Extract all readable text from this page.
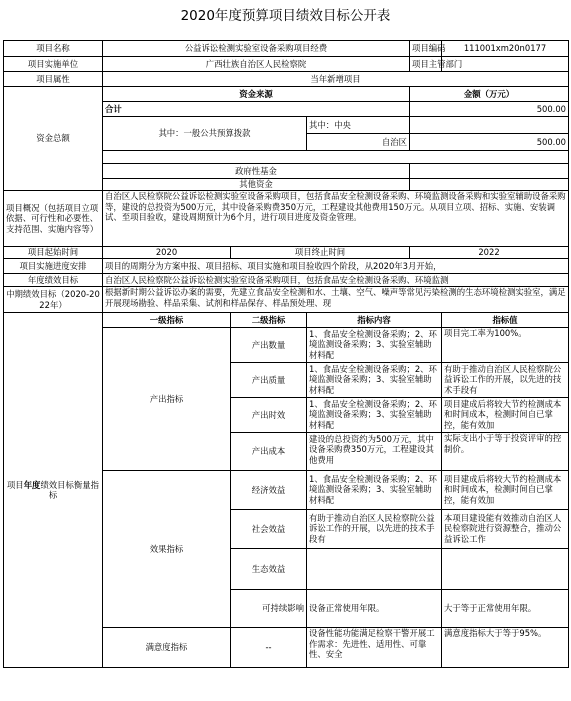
2020年度预算项目绩效目标公开表
项目名称	公益诉讼检测实验室设备采购项目经费			项目编码	111001xm20n0177
项目实施单位	广西壮族自治区人民检察院			项目主管部门	
项目属性	当年新增项目				
资金总额	资金来源			金额（万元）	
	合计			500.00	
	其中：一般公共预算拨款		其中：中央		
			自治区	500.00	

	政府性基金				
	其他资金				
项目概况（包括项目立项依据、可行性和必要性、支持范围、实施内容等）	自治区人民检察院公益诉讼检测实验室设备采购项目，包括食品安全检测设备采购、环境监测设备采购和实验室辅助设备采购等，建设的总投资为500万元，其中设备采购费350万元，工程建设其他费用150万元。从项目立项、招标、实施、安装调试、至项目验收，建设周期预计为6个月，进行项目进度及资金管理。				
项目起始时间	2020	项目终止时间		2022	
项目实施进度安排	项目的周期分为方案申报、项目招标、项目实施和项目验收四个阶段，从2020年3月开始，				
年度绩效目标	自治区人民检察院公益诉讼检测实验室设备采购项目，包括食品安全检测设备采购、环境监测				
中期绩效目标（2020-2022年）	根据新时期公益诉讼办案的需要，先建立食品安全检测和水、土壤、空气、噪声等常见污染检测的生态环境检测实验室，满足开展现场勘验、样品采集、试剂和样品保存、样品预处理、现				

项目年度绩效目标衡量指标	一级指标	二级指标	指标内容		指标值
	产出指标	产出数量	1、食品安全检测设备采购；2、环境监测设备采购；3、实验室辅助材料配		项目完工率为100%。

		产出质量	1、食品安全检测设备采购；2、环境监测设备采购；3、实验室辅助材料配		有助于推动自治区人民检察院公益诉讼工作的开展，以先进的技术手段有

		产出时效	1、食品安全检测设备采购；2、环境监测设备采购；3、实验室辅助材料配		项目建成后将较大节约检测成本和时间成本，检测时间自已掌控，能有效加

		产出成本	建设的总投资约为500万元，其中设备采购费350万元，工程建设其他费用		实际支出小于等于投资评审的控制价。

	效果指标	经济效益	1、食品安全检测设备采购；2、环境监测设备采购；3、实验室辅助材料配		项目建成后将较大节约检测成本和时间成本，检测时间自已掌控，能有效加

		社会效益	有助于推动自治区人民检察院公益诉讼工作的开展，以先进的技术手段有		本项目建设能有效推动自治区人民检察院进行资源整合，推动公益诉讼工作

		生态效益			
		可持续影响	设备正常使用年限。		大于等于正常使用年限。
	满意度指标	--	设备性能功能满足检察干警开展工作需求：先进性、适用性、可靠性、安全		满意度指标大于等于95%。
